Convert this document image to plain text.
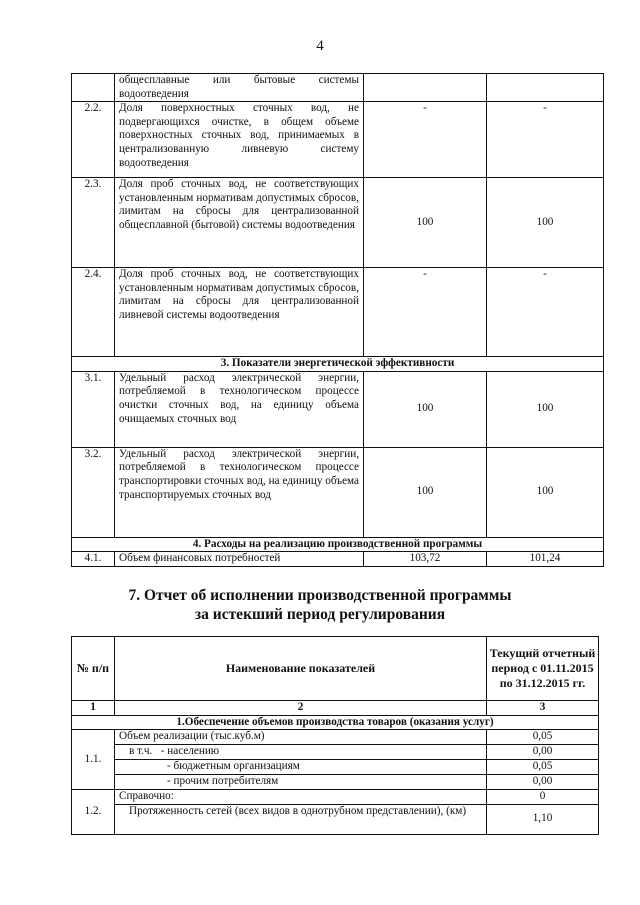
4
	общесплавные или бытовые системы водоотведения		
2.2.	Доля поверхностных сточных вод, не подвергающихся очистке, в общем объеме поверхностных сточных вод, принимаемых в централизованную ливневую систему водоотведения	-	-
2.3.	Доля проб сточных вод, не соответствующих установленным нормативам допустимых сбросов, лимитам на сбросы для централизованной общесплавной (бытовой) системы водоотведения	100	100
2.4.	Доля проб сточных вод, не соответствующих установленным нормативам допустимых сбросов, лимитам на сбросы для централизованной ливневой системы водоотведения	-	-
3. Показатели энергетической эффективности			
3.1.	Удельный расход электрической энергии, потребляемой в технологическом процессе очистки сточных вод, на единицу объема очищаемых сточных вод	100	100
3.2.	Удельный расход электрической энергии, потребляемой в технологическом процессе транспортировки сточных вод, на единицу объема транспортируемых сточных вод	100	100
4. Расходы на реализацию производственной программы			
4.1.	Объем финансовых потребностей	103,72	101,24
7. Отчет об исполнении производственной программы
за истекший период регулирования
№ п/п	Наименование показателей	Текущий отчетный период с 01.11.2015 по 31.12.2015 гг.
1	2	3
1.Обеспечение объемов производства товаров (оказания услуг)		
1.1.	Объем реализации (тыс.куб.м)	0,05
	в т.ч.   - населению	0,00
	- бюджетным организациям	0,05
	- прочим потребителям	0,00
1.2.	Справочно:	0
	Протяженность сетей (всех видов в однотрубном представлении), (км)	1,10
